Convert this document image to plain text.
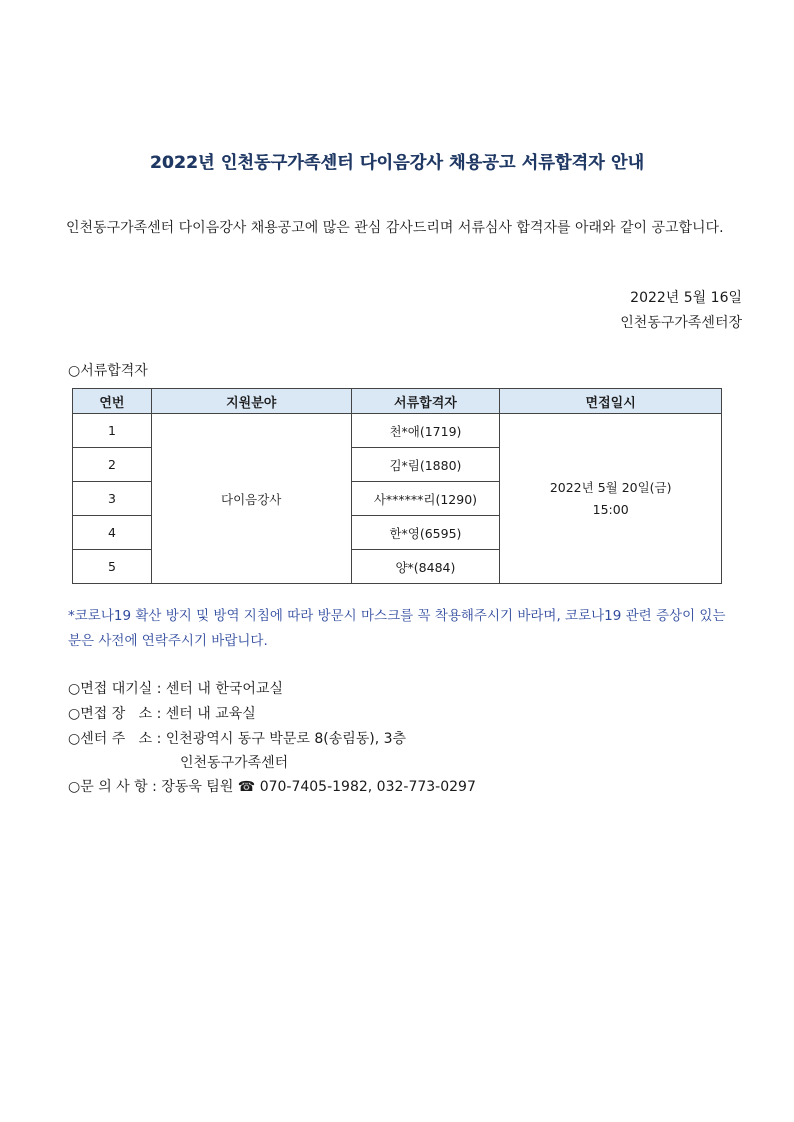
2022년 인천동구가족센터 다이음강사 채용공고 서류합격자 안내
인천동구가족센터 다이음강사 채용공고에 많은 관심 감사드리며 서류심사 합격자를 아래와 같이 공고합니다.
2022년 5월 16일
인천동구가족센터장
○서류합격자
연번	지원분야	서류합격자	면접일시
1	다이음강사	천*애(1719)	2022년 5월 20일(금)
15:00
2		김*림(1880)	
3		사******리(1290)	
4		한*영(6595)	
5		양*(8484)	
*코로나19 확산 방지 및 방역 지침에 따라 방문시 마스크를 꼭 착용해주시기 바라며, 코로나19 관련 증상이 있는 분은 사전에 연락주시기 바랍니다.
○면접 대기실 : 센터 내 한국어교실
○면접 장   소 : 센터 내 교육실
○센터 주   소 : 인천광역시 동구 박문로 8(송림동), 3층
인천동구가족센터
○문 의 사 항 : 장동욱 팀원 ☎ 070-7405-1982, 032-773-0297
